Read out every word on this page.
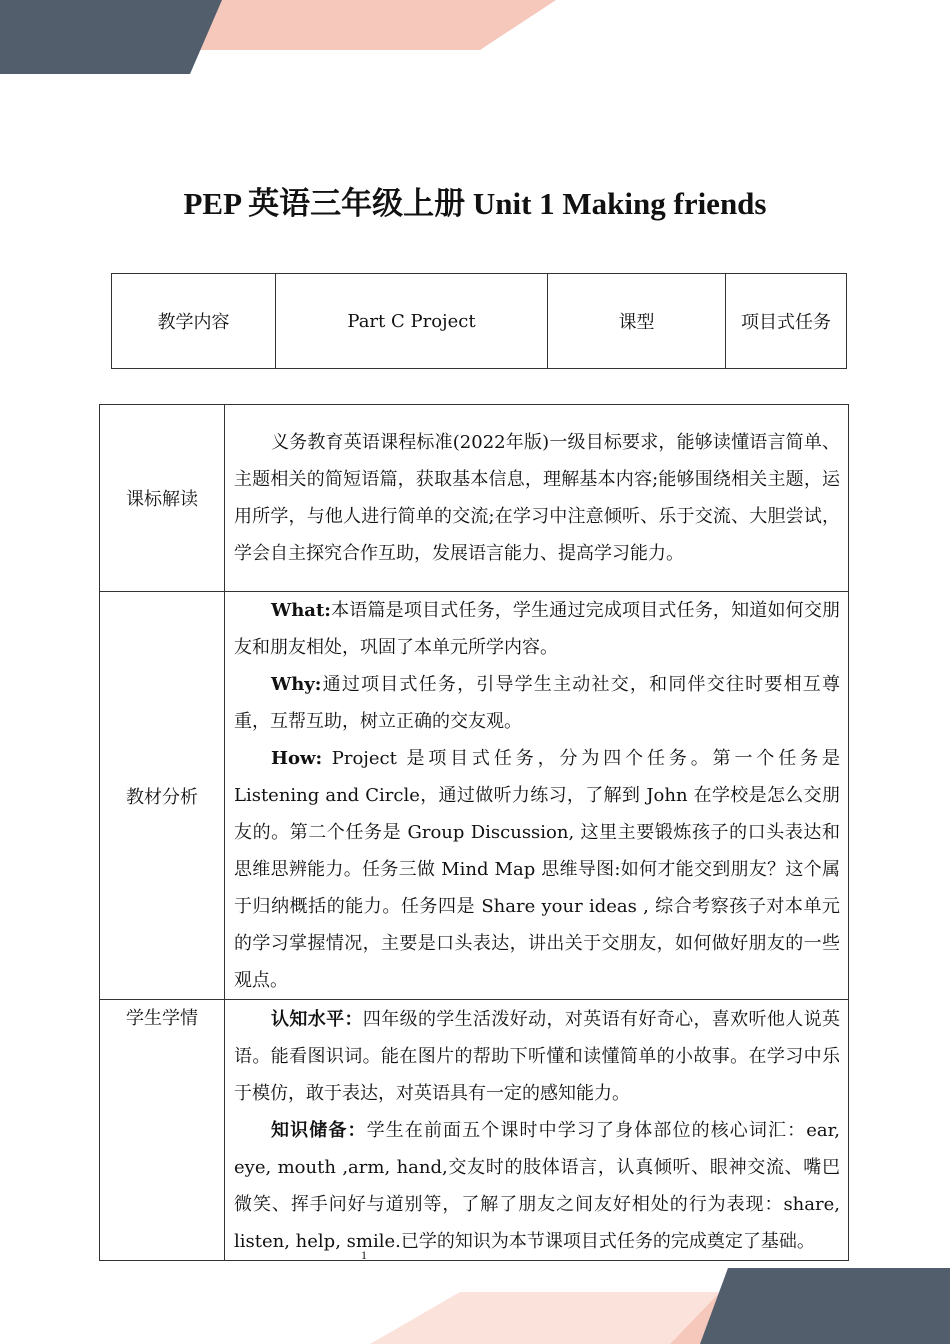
PEP 英语三年级上册 Unit 1 Making friends
教学内容	Part C Project	课型	项目式任务
课标解读	义务教育英语课程标准(2022年版)一级目标要求，能够读懂语言简单、主题相关的简短语篇，获取基本信息，理解基本内容;能够围绕相关主题，运用所学，与他人进行简单的交流;在学习中注意倾听、乐于交流、大胆尝试，学会自主探究合作互助，发展语言能力、提高学习能力。

教材分析	What:本语篇是项目式任务，学生通过完成项目式任务，知道如何交朋友和朋友相处，巩固了本单元所学内容。

Why:通过项目式任务，引导学生主动社交，和同伴交往时要相互尊重，互帮互助，树立正确的交友观。

How: Project 是项目式任务，分为四个任务。第一个任务是 Listening and Circle，通过做听力练习，了解到 John 在学校是怎么交朋友的。第二个任务是 Group Discussion, 这里主要锻炼孩子的口头表达和思维思辨能力。任务三做 Mind Map 思维导图:如何才能交到朋友？这个属于归纳概括的能力。任务四是 Share your ideas , 综合考察孩子对本单元的学习掌握情况，主要是口头表达，讲出关于交朋友，如何做好朋友的一些观点。

学生学情	认知水平：四年级的学生活泼好动，对英语有好奇心，喜欢听他人说英语。能看图识词。能在图片的帮助下听懂和读懂简单的小故事。在学习中乐于模仿，敢于表达，对英语具有一定的感知能力。

知识储备：学生在前面五个课时中学习了身体部位的核心词汇：ear, eye, mouth ,arm, hand,交友时的肢体语言，认真倾听、眼神交流、嘴巴微笑、挥手问好与道别等，了解了朋友之间友好相处的行为表现：share, listen, help, smile.已学的知识为本节课项目式任务的完成奠定了基础。

1
